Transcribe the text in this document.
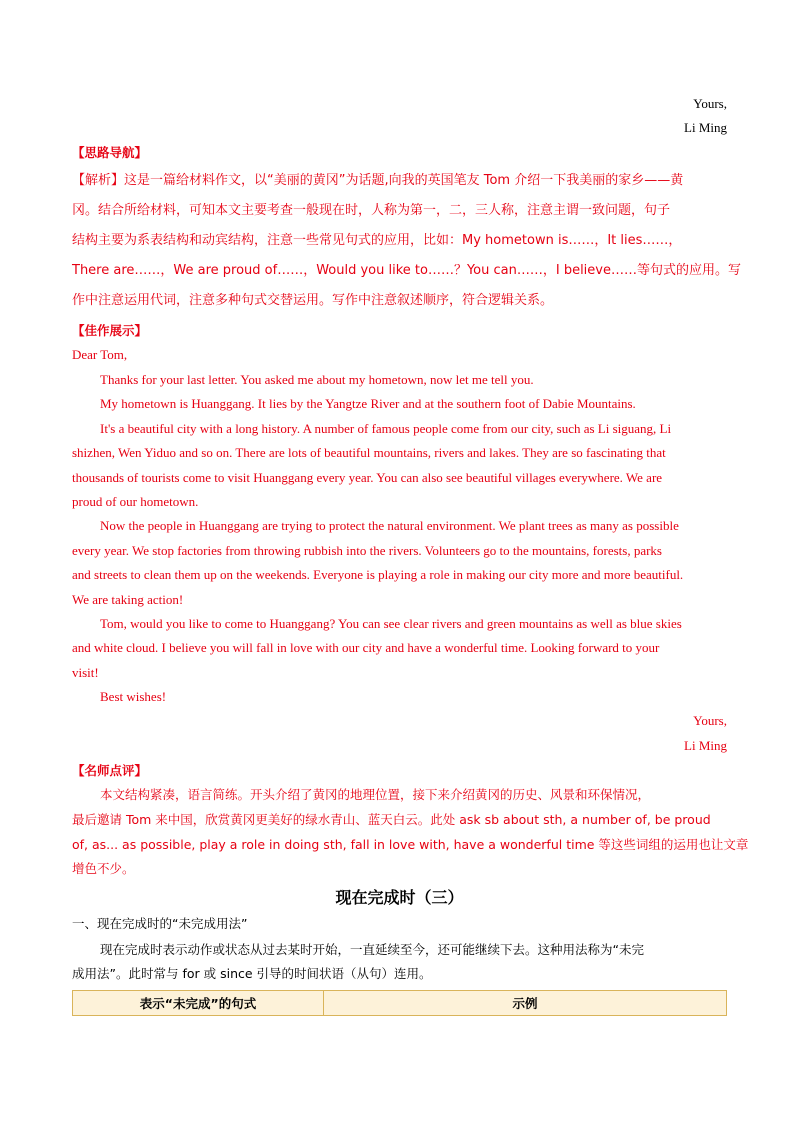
Yours,
Li Ming
【思路导航】
【解析】这是一篇给材料作文，以“美丽的黄冈”为话题,向我的英国笔友 Tom 介绍一下我美丽的家乡——黄
冈。结合所给材料，可知本文主要考查一般现在时，人称为第一，二，三人称，注意主谓一致问题，句子
结构主要为系表结构和动宾结构，注意一些常见句式的应用，比如：My hometown is……，It lies……，
There are……，We are proud of……，Would you like to……？You can……，I believe……等句式的应用。写
作中注意运用代词，注意多种句式交替运用。写作中注意叙述顺序，符合逻辑关系。
【佳作展示】
Dear Tom,
Thanks for your last letter. You asked me about my hometown, now let me tell you.
My hometown is Huanggang. It lies by the Yangtze River and at the southern foot of Dabie Mountains.
It's a beautiful city with a long history. A number of famous people come from our city, such as Li siguang, Li
shizhen, Wen Yiduo and so on. There are lots of beautiful mountains, rivers and lakes. They are so fascinating that
thousands of tourists come to visit Huanggang every year. You can also see beautiful villages everywhere. We are
proud of our hometown.
Now the people in Huanggang are trying to protect the natural environment. We plant trees as many as possible
every year. We stop factories from throwing rubbish into the rivers. Volunteers go to the mountains, forests, parks
and streets to clean them up on the weekends. Everyone is playing a role in making our city more and more beautiful.
We are taking action!
Tom, would you like to come to Huanggang? You can see clear rivers and green mountains as well as blue skies
and white cloud. I believe you will fall in love with our city and have a wonderful time. Looking forward to your
visit!
Best wishes!
Yours,
Li Ming
【名师点评】
本文结构紧凑，语言简练。开头介绍了黄冈的地理位置，接下来介绍黄冈的历史、风景和环保情况，
最后邀请 Tom 来中国，欣赏黄冈更美好的绿水青山、蓝天白云。此处 ask sb about sth, a number of, be proud
of, as... as possible, play a role in doing sth, fall in love with, have a wonderful time 等这些词组的运用也让文章
增色不少。
现在完成时（三）
一、现在完成时的“未完成用法”
现在完成时表示动作或状态从过去某时开始，一直延续至今，还可能继续下去。这种用法称为“未完
成用法”。此时常与 for 或 since 引导的时间状语（从句）连用。
表示“未完成”的句式	示例
